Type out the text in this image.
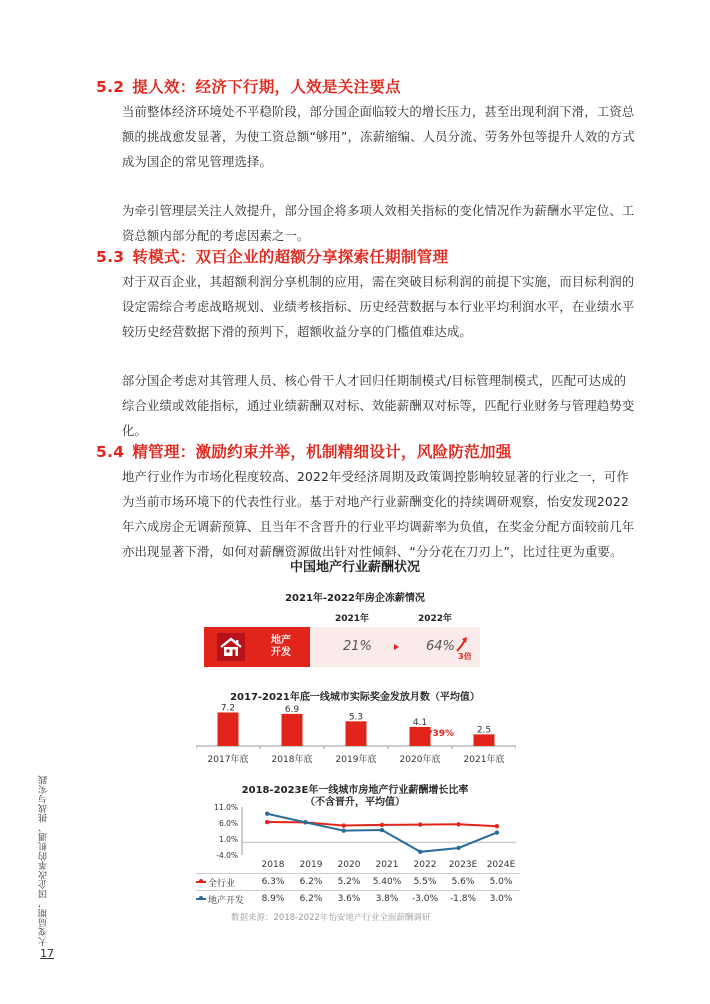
5.2 提人效：经济下行期，人效是关注要点

当前整体经济环境处不平稳阶段，部分国企面临较大的增长压力，甚至出现利润下滑，工资总额的挑战愈发显著，为使工资总额“够用”，冻薪缩编、人员分流、劳务外包等提升人效的方式成为国企的常见管理选择。

为牵引管理层关注人效提升，部分国企将多项人效相关指标的变化情况作为薪酬水平定位、工资总额内部分配的考虑因素之一。

5.3 转模式：双百企业的超额分享探索任期制管理

对于双百企业，其超额利润分享机制的应用，需在突破目标利润的前提下实施，而目标利润的设定需综合考虑战略规划、业绩考核指标、历史经营数据与本行业平均利润水平，在业绩水平较历史经营数据下滑的预判下，超额收益分享的门槛值难达成。

部分国企考虑对其管理人员、核心骨干人才回归任期制模式/目标管理制模式，匹配可达成的综合业绩或效能指标，通过业绩薪酬双对标、效能薪酬双对标等，匹配行业财务与管理趋势变化。

5.4 精管理：激励约束并举，机制精细设计，风险防范加强

地产行业作为市场化程度较高、2022年受经济周期及政策调控影响较显著的行业之一，可作为当前市场环境下的代表性行业。基于对地产行业薪酬变化的持续调研观察，怡安发现2022年六成房企无调薪预算、且当年不含晋升的行业平均调薪率为负值，在奖金分配方面较前几年亦出现显著下滑，如何对薪酬资源做出针对性倾斜、“分分花在刀刃上”，比过往更为重要。

中国地产行业薪酬状况
2021年-2022年房企冻薪情况
2021年	2022年
地产
开发	21%	64%
3倍
2017-2021年底一线城市实际奖金发放月数（平均值）
7.2
2017年底
6.9
2018年底
5.3
2019年底
4.1
2020年底
2.5
2021年底
▼39%
2018-2023E年一线城市房地产行业薪酬增长比率
（不含晋升，平均值）
11.0%
6.0%
1.0%
-4.0%
2018	2019	2020	2021	2022	2023E	2024E
全行业	6.3%	6.2%	5.2%	5.40%	5.5%	5.6%	5.0%
地产开发	8.9%	6.2%	3.6%	3.8%	-3.0%	-1.8%	3.0%
数据来源：2018-2022年怡安地产行业全面薪酬调研
大变局期，国企改革的机遇、挑战与实践
17
